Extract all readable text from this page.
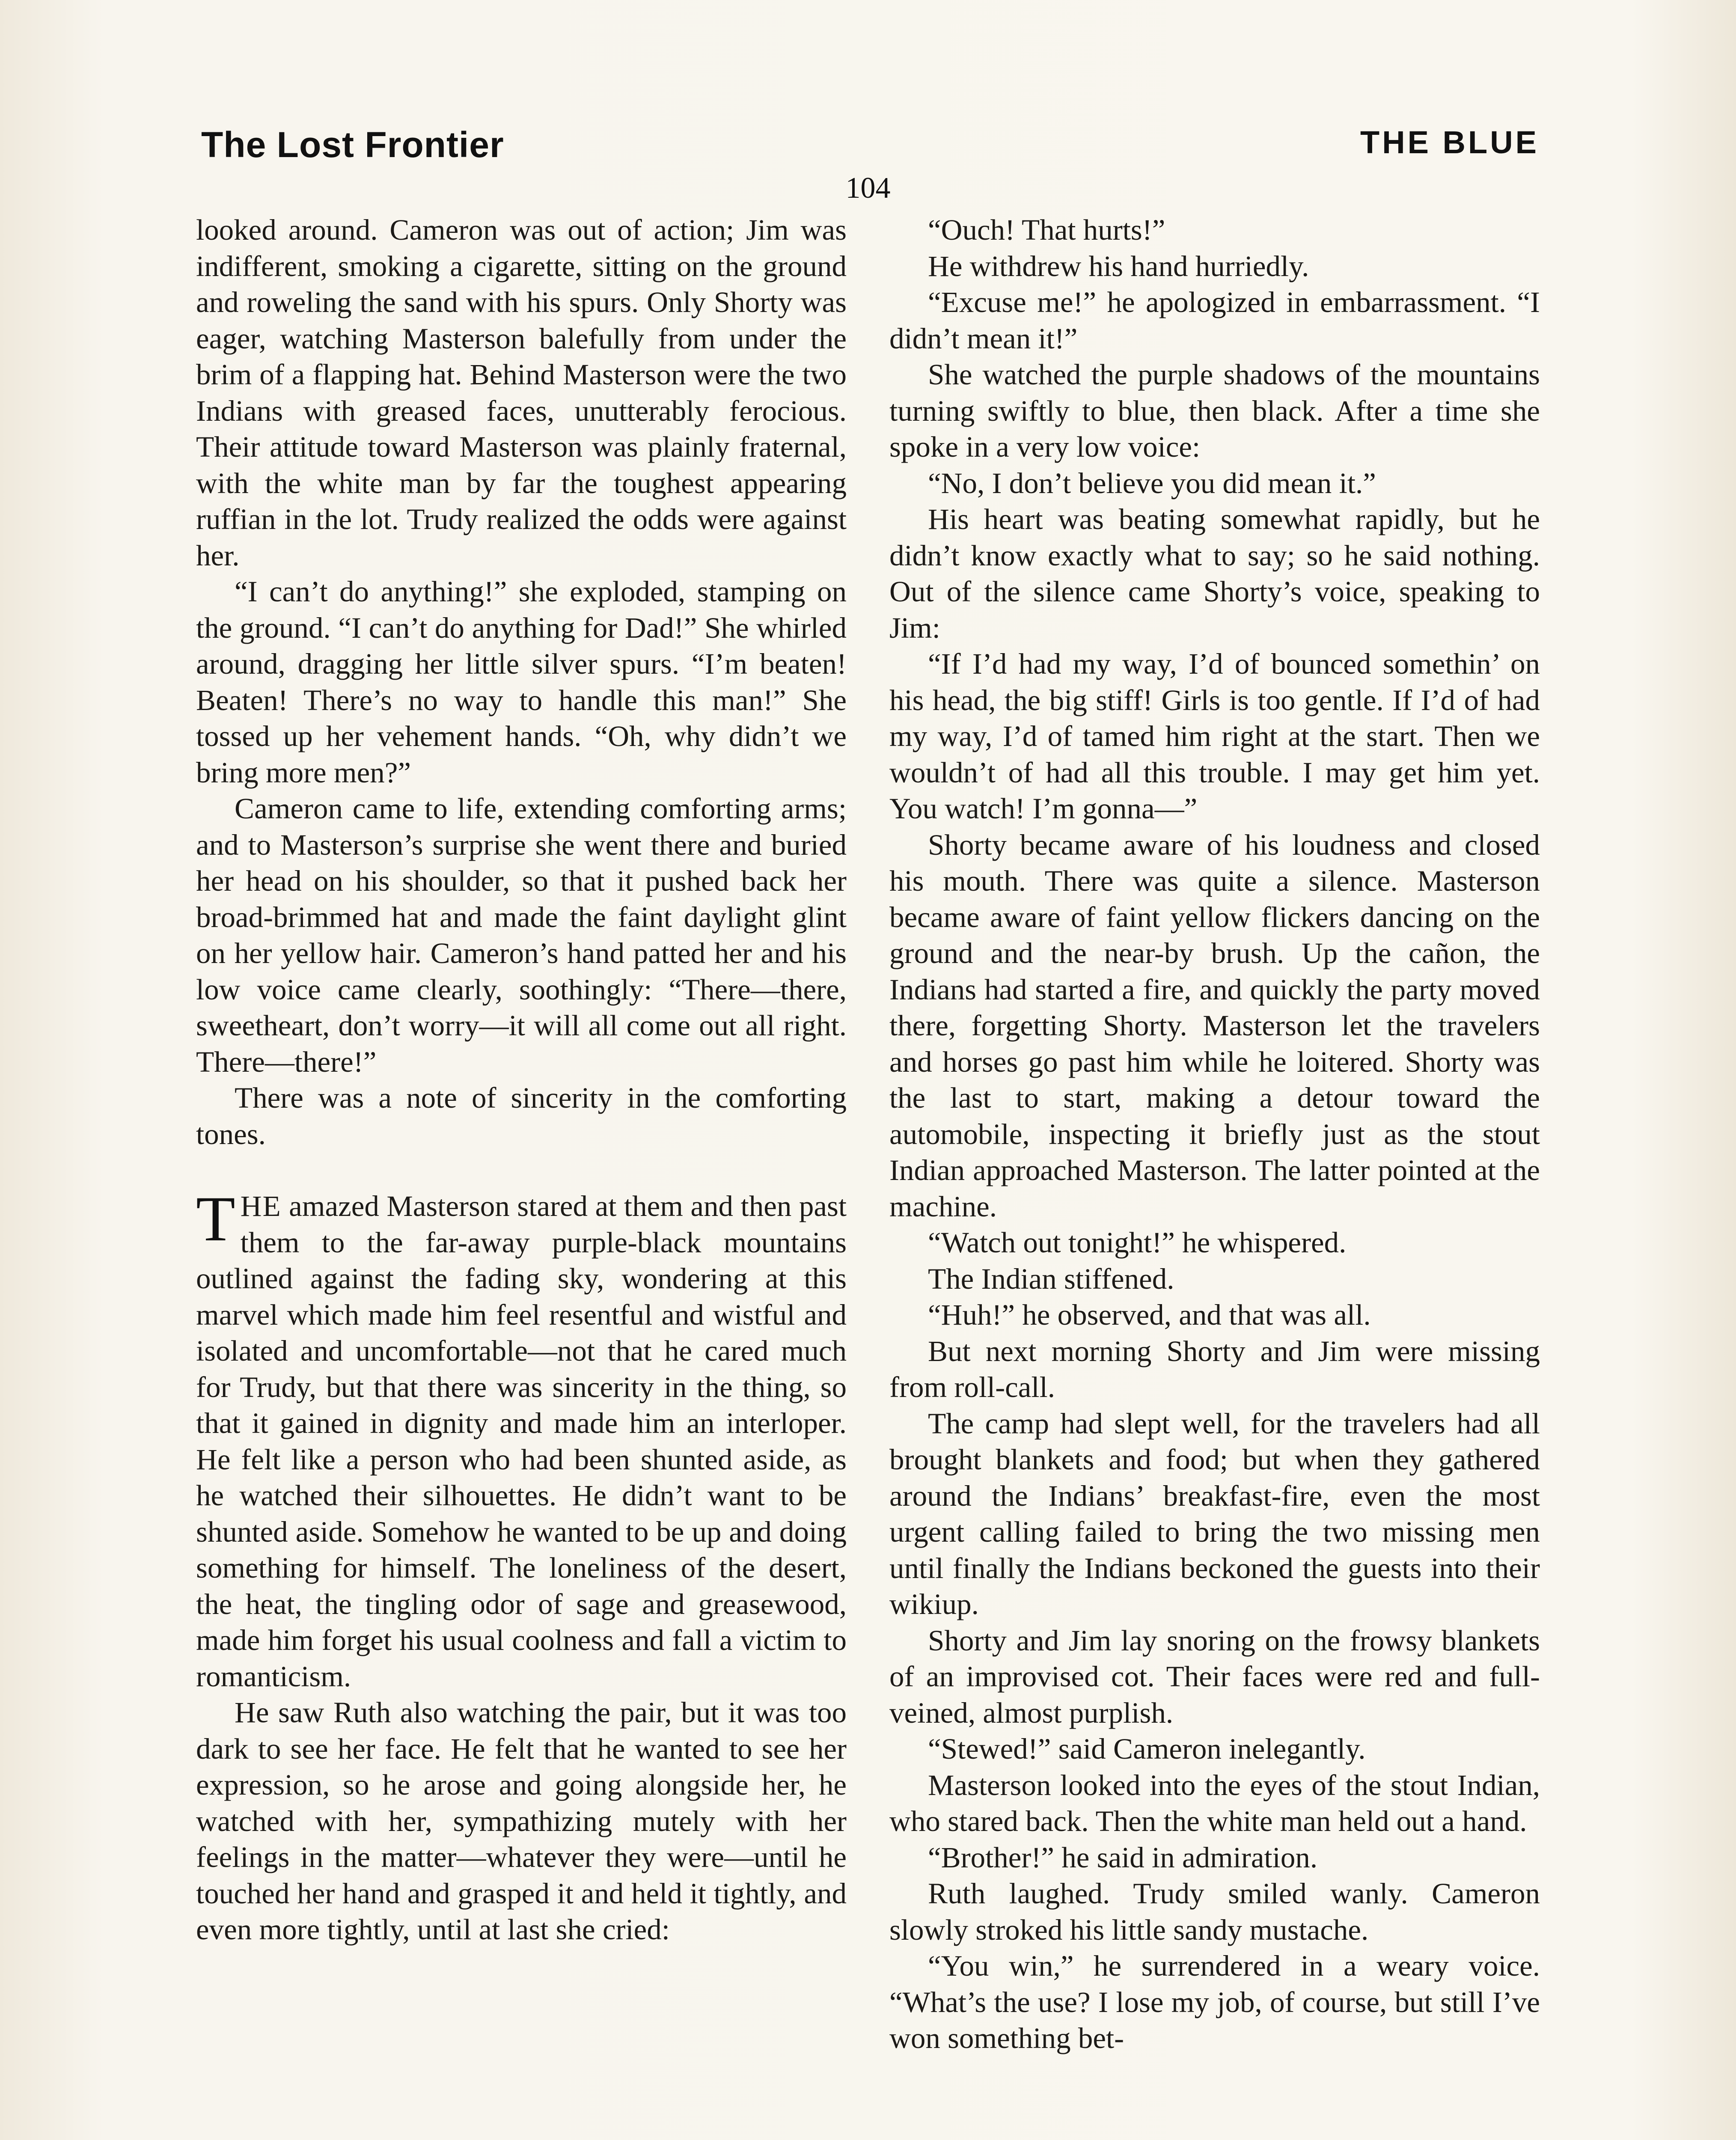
The Lost Frontier	THE BLUE
104

looked around. Cameron was out of action; Jim was indifferent, smoking a cigarette, sitting on the ground and roweling the sand with his spurs. Only Shorty was eager, watching Masterson balefully from under the brim of a flapping hat. Behind Masterson were the two Indians with greased faces, unutterably ferocious. Their attitude toward Masterson was plainly fraternal, with the white man by far the toughest appearing ruffian in the lot. Trudy realized the odds were against her.

“I can’t do anything!” she exploded, stamping on the ground. “I can’t do anything for Dad!” She whirled around, dragging her little silver spurs. “I’m beaten! Beaten! There’s no way to handle this man!” She tossed up her vehement hands. “Oh, why didn’t we bring more men?”

Cameron came to life, extending comforting arms; and to Masterson’s surprise she went there and buried her head on his shoulder, so that it pushed back her broad-brimmed hat and made the faint daylight glint on her yellow hair. Cameron’s hand patted her and his low voice came clearly, soothingly: “There—there, sweetheart, don’t worry—it will all come out all right. There—there!”

There was a note of sincerity in the comforting tones.

THE amazed Masterson stared at them and then past them to the far-away purple-black mountains outlined against the fading sky, wondering at this marvel which made him feel resentful and wistful and isolated and uncomfortable—not that he cared much for Trudy, but that there was sincerity in the thing, so that it gained in dignity and made him an interloper. He felt like a person who had been shunted aside, as he watched their silhouettes. He didn’t want to be shunted aside. Somehow he wanted to be up and doing something for himself. The loneliness of the desert, the heat, the tingling odor of sage and greasewood, made him forget his usual coolness and fall a victim to romanticism.

He saw Ruth also watching the pair, but it was too dark to see her face. He felt that he wanted to see her expression, so he arose and going alongside her, he watched with her, sympathizing mutely with her feelings in the matter—whatever they were—until he touched her hand and grasped it and held it tightly, and even more tightly, until at last she cried:

“Ouch! That hurts!”

He withdrew his hand hurriedly.

“Excuse me!” he apologized in embarrassment. “I didn’t mean it!”

She watched the purple shadows of the mountains turning swiftly to blue, then black. After a time she spoke in a very low voice:

“No, I don’t believe you did mean it.”

His heart was beating somewhat rapidly, but he didn’t know exactly what to say; so he said nothing. Out of the silence came Shorty’s voice, speaking to Jim:

“If I’d had my way, I’d of bounced somethin’ on his head, the big stiff! Girls is too gentle. If I’d of had my way, I’d of tamed him right at the start. Then we wouldn’t of had all this trouble. I may get him yet. You watch! I’m gonna—”

Shorty became aware of his loudness and closed his mouth. There was quite a silence. Masterson became aware of faint yellow flickers dancing on the ground and the near-by brush. Up the cañon, the Indians had started a fire, and quickly the party moved there, forgetting Shorty. Masterson let the travelers and horses go past him while he loitered. Shorty was the last to start, making a detour toward the automobile, inspecting it briefly just as the stout Indian approached Masterson. The latter pointed at the machine.

“Watch out tonight!” he whispered.

The Indian stiffened.

“Huh!” he observed, and that was all.

But next morning Shorty and Jim were missing from roll-call.

The camp had slept well, for the travelers had all brought blankets and food; but when they gathered around the Indians’ breakfast-fire, even the most urgent calling failed to bring the two missing men until finally the Indians beckoned the guests into their wikiup.

Shorty and Jim lay snoring on the frowsy blankets of an improvised cot. Their faces were red and full-veined, almost purplish.

“Stewed!” said Cameron inelegantly.

Masterson looked into the eyes of the stout Indian, who stared back. Then the white man held out a hand.

“Brother!” he said in admiration.

Ruth laughed. Trudy smiled wanly. Cameron slowly stroked his little sandy mustache.

“You win,” he surrendered in a weary voice. “What’s the use? I lose my job, of course, but still I’ve won something bet-
